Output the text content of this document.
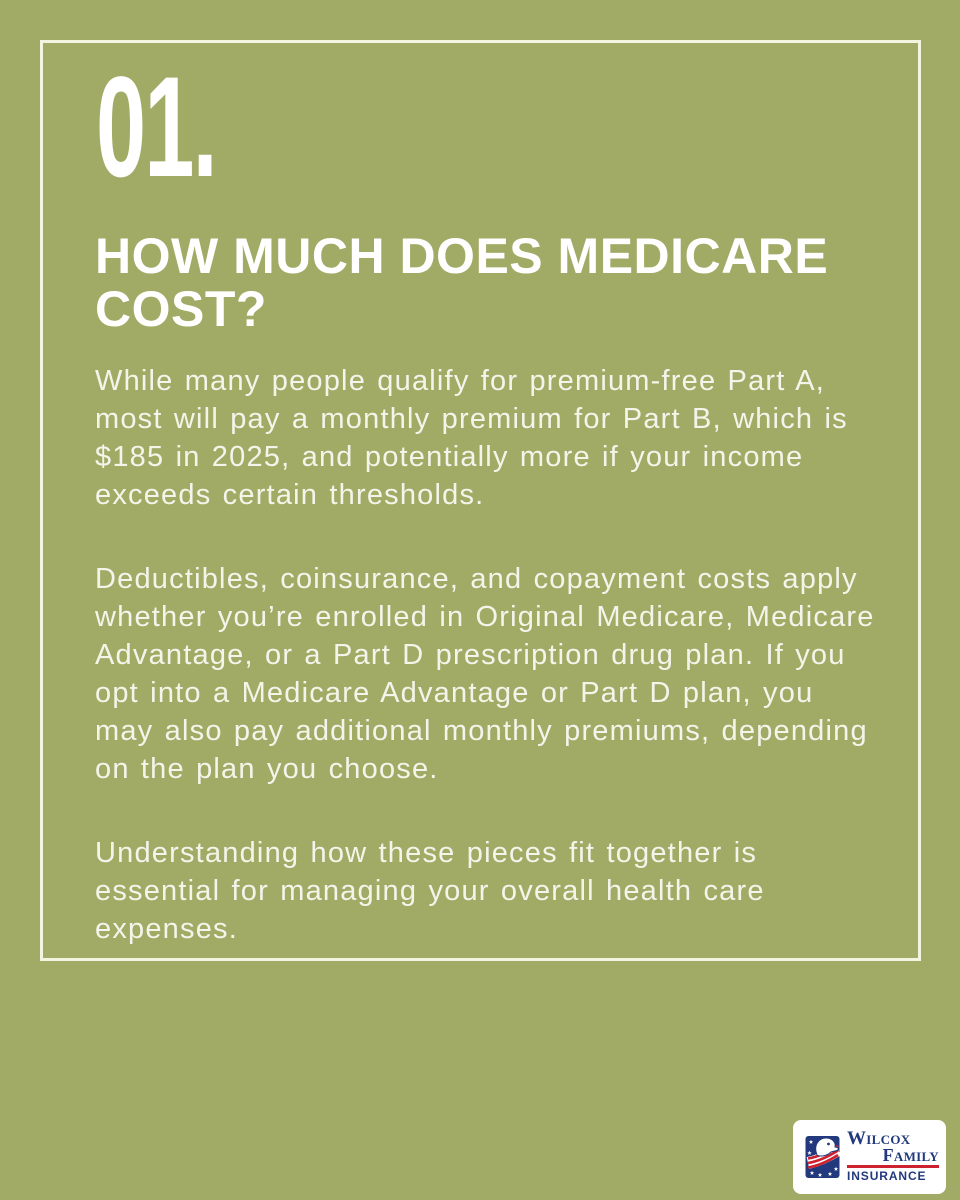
01.
HOW MUCH DOES MEDICARE COST?

While many people qualify for premium-free Part A, most will pay a monthly premium for Part B, which is $185 in 2025, and potentially more if your income exceeds certain thresholds.

Deductibles, coinsurance, and copayment costs apply whether you’re enrolled in Original Medicare, Medicare Advantage, or a Part D prescription drug plan. If you opt into a Medicare Advantage or Part D plan, you may also pay additional monthly premiums, depending on the plan you choose.

Understanding how these pieces fit together is essential for managing your overall health care expenses.

Wilcox
Family
INSURANCE
